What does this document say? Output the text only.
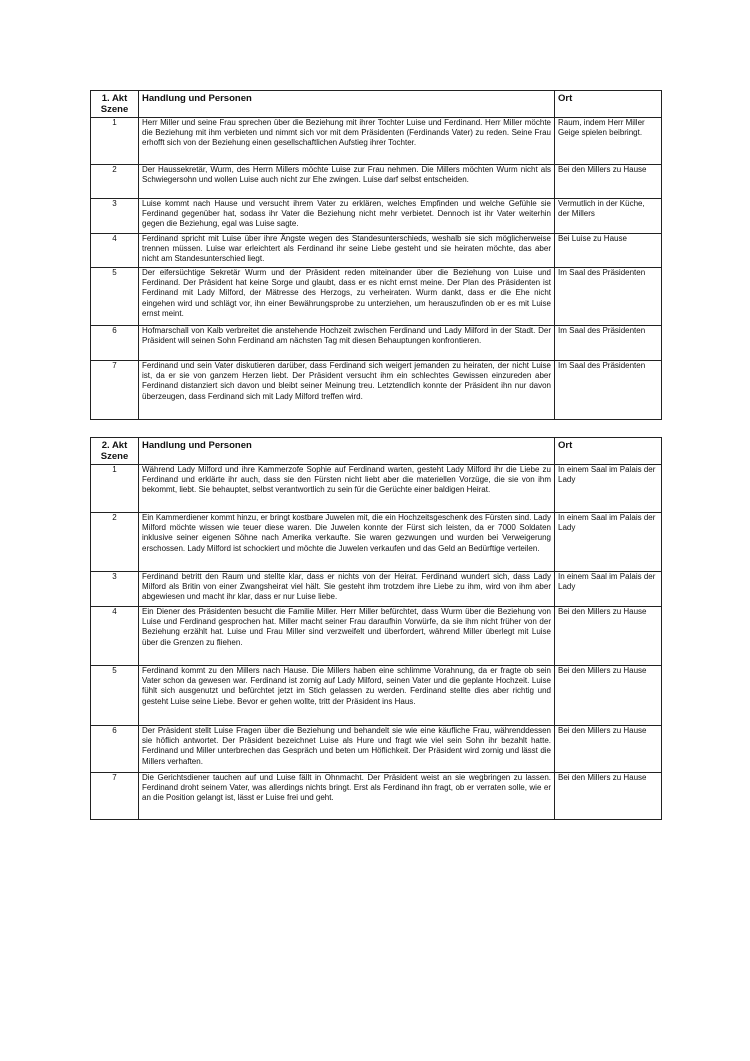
1. Akt
Szene	Handlung und Personen	Ort
1	Herr Miller und seine Frau sprechen über die Beziehung mit ihrer Tochter Luise und Ferdinand. Herr Miller möchte die Beziehung mit ihm verbieten und nimmt sich vor mit dem Präsidenten (Ferdinands Vater) zu reden. Seine Frau erhofft sich von der Beziehung einen gesellschaftlichen Aufstieg ihrer Tochter.	Raum, indem Herr Miller Geige spielen beibringt.
2	Der Haussekretär, Wurm, des Herrn Millers möchte Luise zur Frau nehmen. Die Millers möchten Wurm nicht als Schwiegersohn und wollen Luise auch nicht zur Ehe zwingen. Luise darf selbst entscheiden.	Bei den Millers zu Hause
3	Luise kommt nach Hause und versucht ihrem Vater zu erklären, welches Empfinden und welche Gefühle sie Ferdinand gegenüber hat, sodass ihr Vater die Beziehung nicht mehr verbietet. Dennoch ist ihr Vater weiterhin gegen die Beziehung, egal was Luise sagte.	Vermutlich in der Küche, der Millers
4	Ferdinand spricht mit Luise über ihre Ängste wegen des Standesunterschieds, weshalb sie sich möglicherweise trennen müssen. Luise war erleichtert als Ferdinand ihr seine Liebe gesteht und sie heiraten möchte, das aber nicht am Standesunterschied liegt.	Bei Luise zu Hause
5	Der eifersüchtige Sekretär Wurm und der Präsident reden miteinander über die Beziehung von Luise und Ferdinand. Der Präsident hat keine Sorge und glaubt, dass er es nicht ernst meine. Der Plan des Präsidenten ist Ferdinand mit Lady Milford, der Mätresse des Herzogs, zu verheiraten. Wurm dankt, dass er die Ehe nicht eingehen wird und schlägt vor, ihn einer Bewährungsprobe zu unterziehen, um herauszufinden ob er es mit Luise ernst meint.	Im Saal des Präsidenten
6	Hofmarschall von Kalb verbreitet die anstehende Hochzeit zwischen Ferdinand und Lady Milford in der Stadt. Der Präsident will seinen Sohn Ferdinand am nächsten Tag mit diesen Behauptungen konfrontieren.	Im Saal des Präsidenten
7	Ferdinand und sein Vater diskutieren darüber, dass Ferdinand sich weigert jemanden zu heiraten, der nicht Luise ist, da er sie von ganzem Herzen liebt. Der Präsident versucht ihm ein schlechtes Gewissen einzureden aber Ferdinand distanziert sich davon und bleibt seiner Meinung treu. Letztendlich konnte der Präsident ihn nur davon überzeugen, dass Ferdinand sich mit Lady Milford treffen wird.	Im Saal des Präsidenten
2. Akt
Szene	Handlung und Personen	Ort
1	Während Lady Milford und ihre Kammerzofe Sophie auf Ferdinand warten, gesteht Lady Milford ihr die Liebe zu Ferdinand und erklärte ihr auch, dass sie den Fürsten nicht liebt aber die materiellen Vorzüge, die sie von ihm bekommt, liebt. Sie behauptet, selbst verantwortlich zu sein für die Gerüchte einer baldigen Heirat.	In einem Saal im Palais der Lady
2	Ein Kammerdiener kommt hinzu, er bringt kostbare Juwelen mit, die ein Hochzeitsgeschenk des Fürsten sind. Lady Milford möchte wissen wie teuer diese waren. Die Juwelen konnte der Fürst sich leisten, da er 7000 Soldaten inklusive seiner eigenen Söhne nach Amerika verkaufte. Sie waren gezwungen und wurden bei Verweigerung erschossen. Lady Milford ist schockiert und möchte die Juwelen verkaufen und das Geld an Bedürftige verteilen.	In einem Saal im Palais der Lady
3	Ferdinand betritt den Raum und stellte klar, dass er nichts von der Heirat. Ferdinand wundert sich, dass Lady Milford als Britin von einer Zwangsheirat viel hält. Sie gesteht ihm trotzdem ihre Liebe zu ihm, wird von ihm aber abgewiesen und macht ihr klar, dass er nur Luise liebe.	In einem Saal im Palais der Lady
4	Ein Diener des Präsidenten besucht die Familie Miller. Herr Miller befürchtet, dass Wurm über die Beziehung von Luise und Ferdinand gesprochen hat. Miller macht seiner Frau daraufhin Vorwürfe, da sie ihm nicht früher von der Beziehung erzählt hat. Luise und Frau Miller sind verzweifelt und überfordert, während Miller überlegt mit Luise über die Grenzen zu fliehen.	Bei den Millers zu Hause
5	Ferdinand kommt zu den Millers nach Hause. Die Millers haben eine schlimme Vorahnung, da er fragte ob sein Vater schon da gewesen war. Ferdinand ist zornig auf Lady Milford, seinen Vater und die geplante Hochzeit. Luise fühlt sich ausgenutzt und befürchtet jetzt im Stich gelassen zu werden. Ferdinand stellte dies aber richtig und gesteht Luise seine Liebe. Bevor er gehen wollte, tritt der Präsident ins Haus.	Bei den Millers zu Hause
6	Der Präsident stellt Luise Fragen über die Beziehung und behandelt sie wie eine käufliche Frau, währenddessen sie höflich antwortet. Der Präsident bezeichnet Luise als Hure und fragt wie viel sein Sohn ihr bezahlt hatte. Ferdinand und Miller unterbrechen das Gespräch und beten um Höflichkeit. Der Präsident wird zornig und lässt die Millers verhaften.	Bei den Millers zu Hause
7	Die Gerichtsdiener tauchen auf und Luise fällt in Ohnmacht. Der Präsident weist an sie wegbringen zu lassen. Ferdinand droht seinem Vater, was allerdings nichts bringt. Erst als Ferdinand ihn fragt, ob er verraten solle, wie er an die Position gelangt ist, lässt er Luise frei und geht.	Bei den Millers zu Hause
